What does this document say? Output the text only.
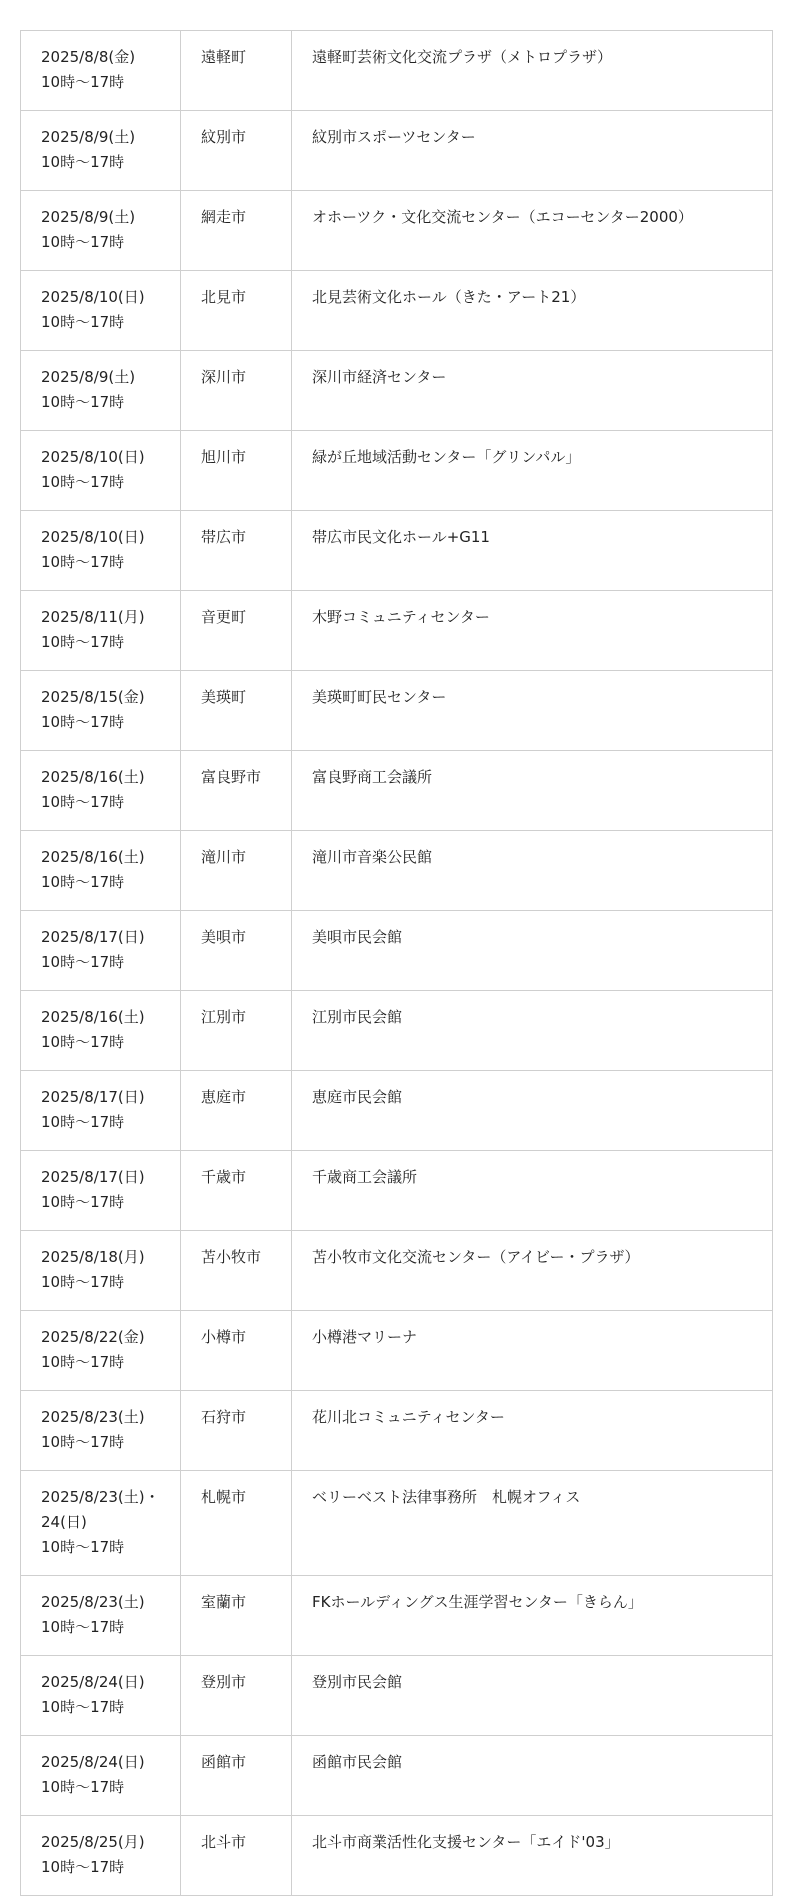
2025/8/8(金)
10時〜17時	遠軽町	遠軽町芸術文化交流プラザ（メトロプラザ）

2025/8/9(土)
10時〜17時	紋別市	紋別市スポーツセンター

2025/8/9(土)
10時〜17時	網走市	オホーツク・文化交流センター（エコーセンター2000）

2025/8/10(日)
10時〜17時	北見市	北見芸術文化ホール（きた・アート21）

2025/8/9(土)
10時〜17時	深川市	深川市経済センター

2025/8/10(日)
10時〜17時	旭川市	緑が丘地域活動センター「グリンパル」

2025/8/10(日)
10時〜17時	帯広市	帯広市民文化ホール+G11

2025/8/11(月)
10時〜17時	音更町	木野コミュニティセンター

2025/8/15(金)
10時〜17時	美瑛町	美瑛町町民センター

2025/8/16(土)
10時〜17時	富良野市	富良野商工会議所

2025/8/16(土)
10時〜17時	滝川市	滝川市音楽公民館

2025/8/17(日)
10時〜17時	美唄市	美唄市民会館

2025/8/16(土)
10時〜17時	江別市	江別市民会館

2025/8/17(日)
10時〜17時	恵庭市	恵庭市民会館

2025/8/17(日)
10時〜17時	千歳市	千歳商工会議所

2025/8/18(月)
10時〜17時	苫小牧市	苫小牧市文化交流センター（アイビー・プラザ）

2025/8/22(金)
10時〜17時	小樽市	小樽港マリーナ

2025/8/23(土)
10時〜17時	石狩市	花川北コミュニティセンター

2025/8/23(土)・24(日)
10時〜17時	札幌市	ベリーベスト法律事務所　札幌オフィス

2025/8/23(土)
10時〜17時	室蘭市	FKホールディングス生涯学習センター「きらん」

2025/8/24(日)
10時〜17時	登別市	登別市民会館

2025/8/24(日)
10時〜17時	函館市	函館市民会館

2025/8/25(月)
10時〜17時	北斗市	北斗市商業活性化支援センター「エイド'03」
